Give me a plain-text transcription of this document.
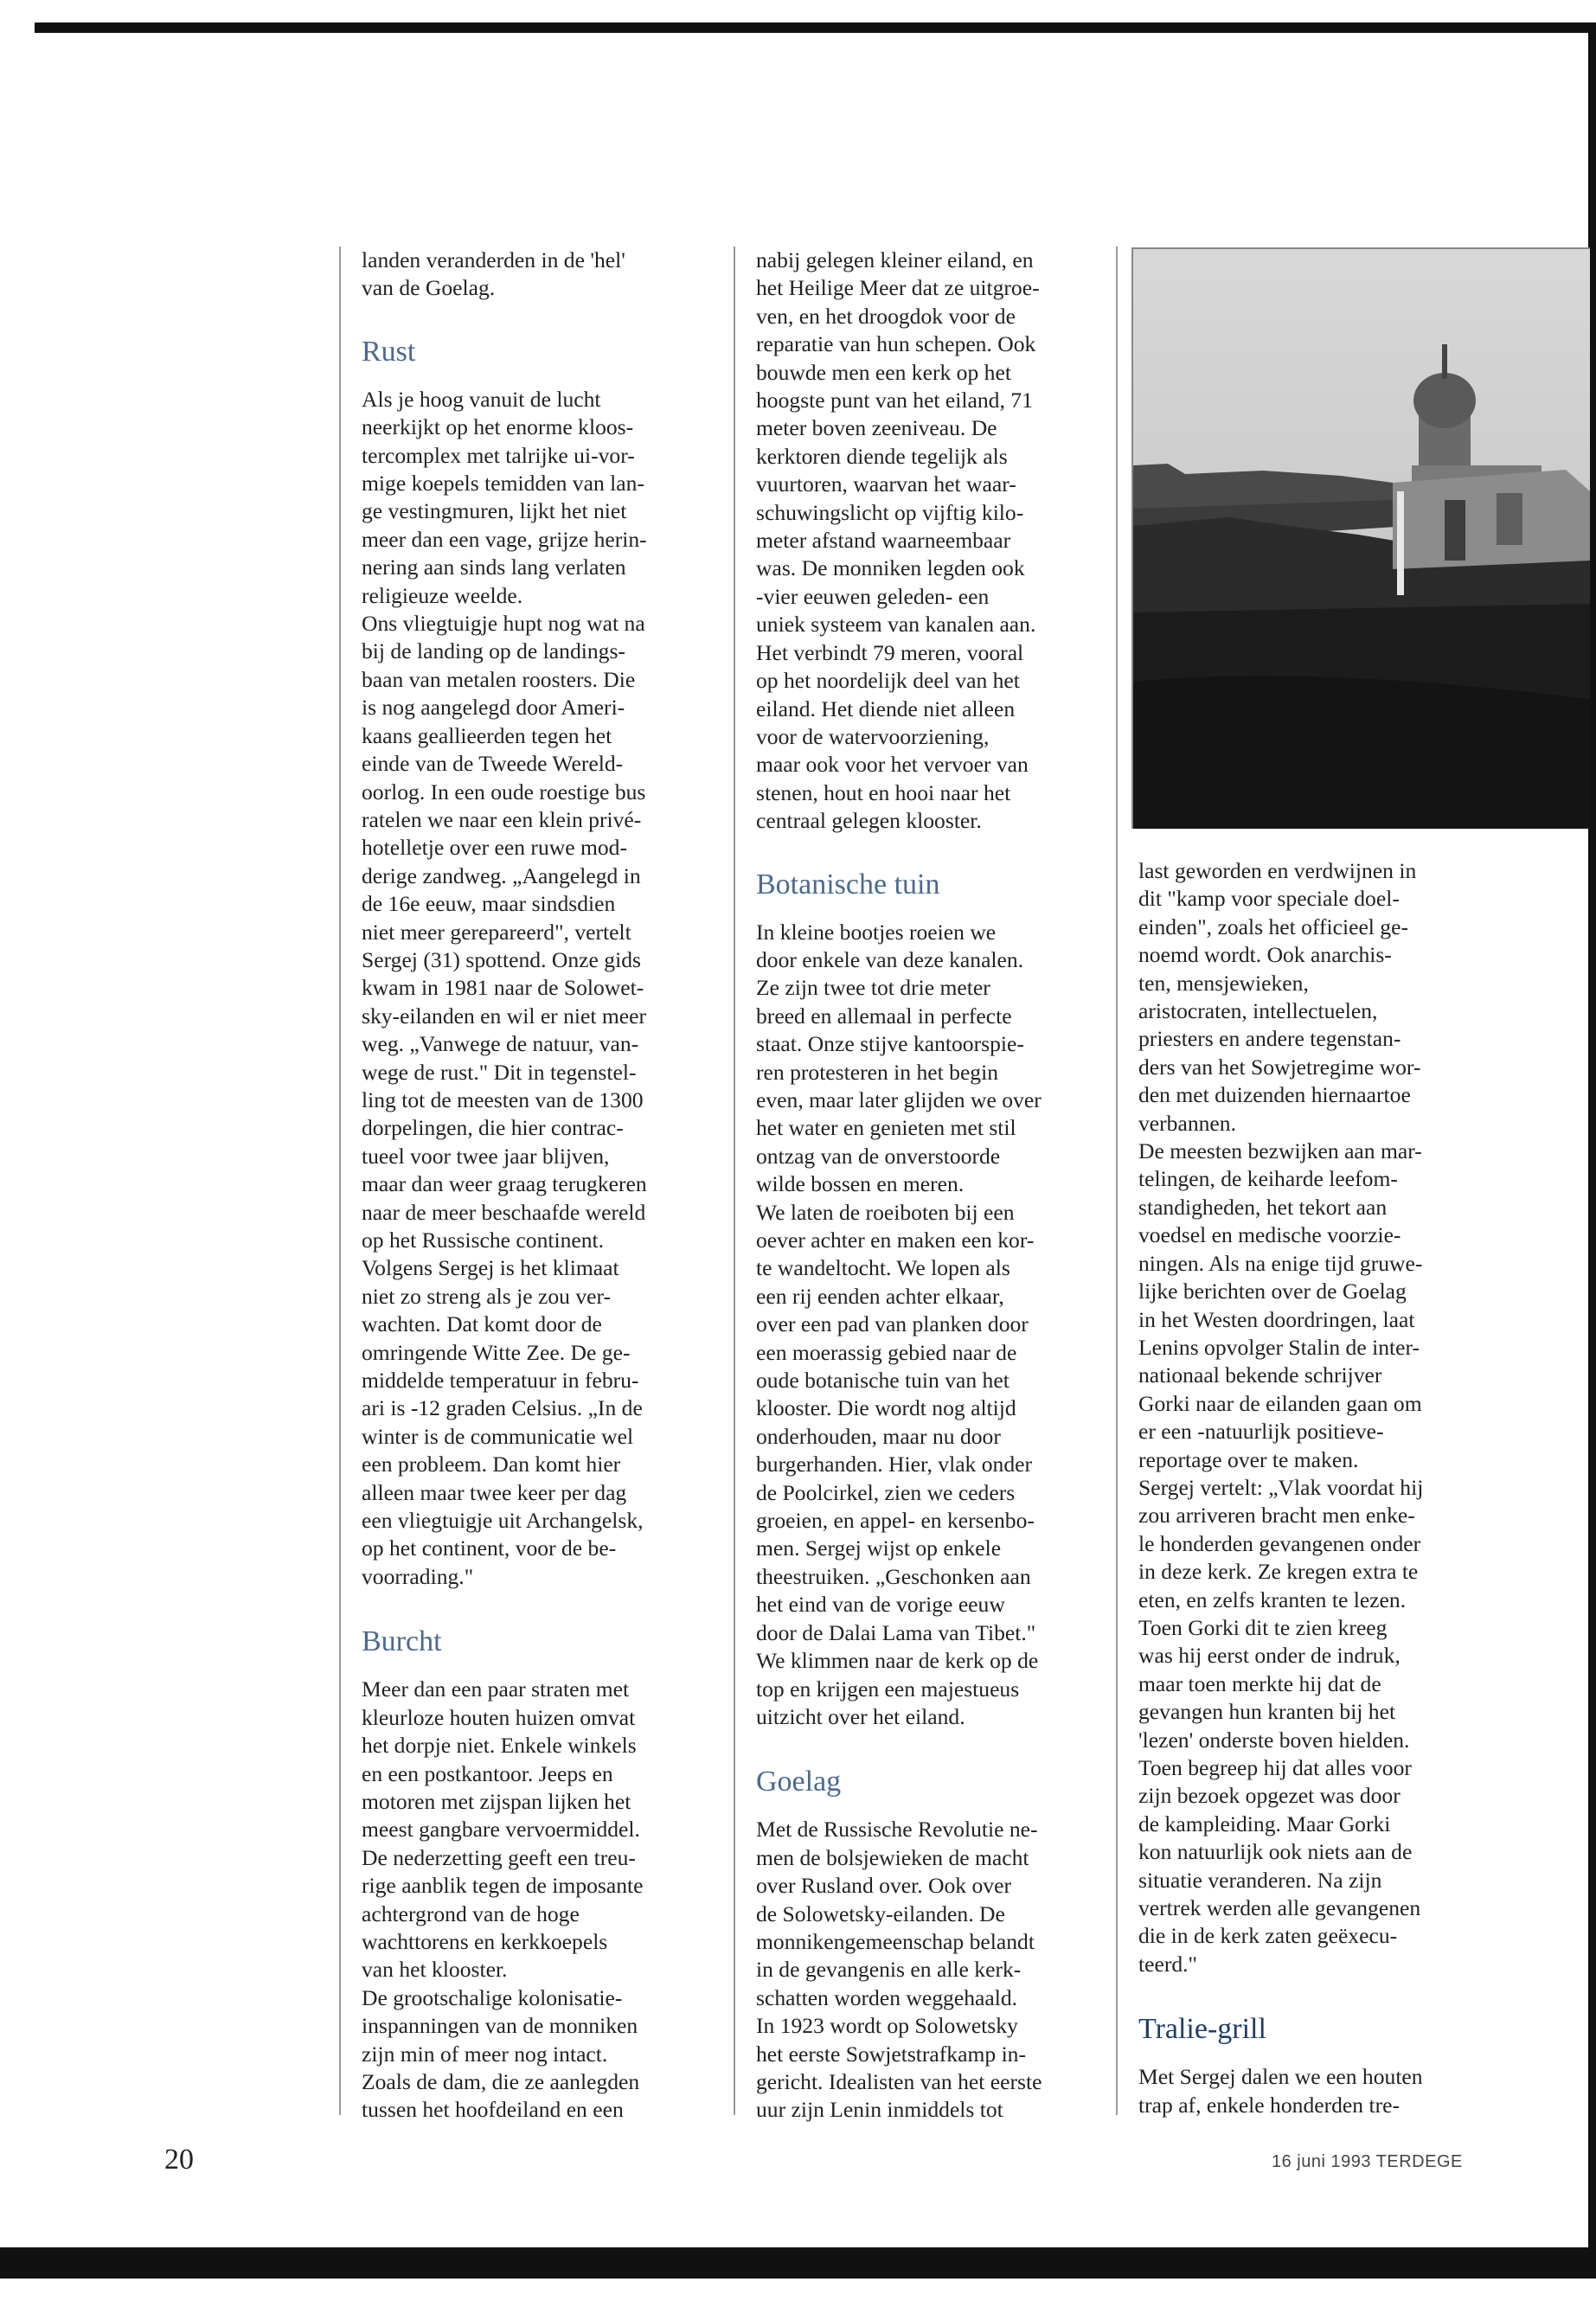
landen veranderden in de 'hel'
van de Goelag.

Rust

Als je hoog vanuit de lucht
neerkijkt op het enorme kloos-
tercomplex met talrijke ui-vor-
mige koepels temidden van lan-
ge vestingmuren, lijkt het niet
meer dan een vage, grijze herin-
nering aan sinds lang verlaten
religieuze weelde.
Ons vliegtuigje hupt nog wat na
bij de landing op de landings-
baan van metalen roosters. Die
is nog aangelegd door Ameri-
kaans geallieerden tegen het
einde van de Tweede Wereld-
oorlog. In een oude roestige bus
ratelen we naar een klein privé-
hotelletje over een ruwe mod-
derige zandweg. „Aangelegd in
de 16e eeuw, maar sindsdien
niet meer gerepareerd", vertelt
Sergej (31) spottend. Onze gids
kwam in 1981 naar de Solowet-
sky-eilanden en wil er niet meer
weg. „Vanwege de natuur, van-
wege de rust." Dit in tegenstel-
ling tot de meesten van de 1300
dorpelingen, die hier contrac-
tueel voor twee jaar blijven,
maar dan weer graag terugkeren
naar de meer beschaafde wereld
op het Russische continent.
Volgens Sergej is het klimaat
niet zo streng als je zou ver-
wachten. Dat komt door de
omringende Witte Zee. De ge-
middelde temperatuur in febru-
ari is -12 graden Celsius. „In de
winter is de communicatie wel
een probleem. Dan komt hier
alleen maar twee keer per dag
een vliegtuigje uit Archangelsk,
op het continent, voor de be-
voorrading."

Burcht

Meer dan een paar straten met
kleurloze houten huizen omvat
het dorpje niet. Enkele winkels
en een postkantoor. Jeeps en
motoren met zijspan lijken het
meest gangbare vervoermiddel.
De nederzetting geeft een treu-
rige aanblik tegen de imposante
achtergrond van de hoge
wachttorens en kerkkoepels
van het klooster.
De grootschalige kolonisatie-
inspanningen van de monniken
zijn min of meer nog intact.
Zoals de dam, die ze aanlegden
tussen het hoofdeiland en een

nabij gelegen kleiner eiland, en
het Heilige Meer dat ze uitgroe-
ven, en het droogdok voor de
reparatie van hun schepen. Ook
bouwde men een kerk op het
hoogste punt van het eiland, 71
meter boven zeeniveau. De
kerktoren diende tegelijk als
vuurtoren, waarvan het waar-
schuwingslicht op vijftig kilo-
meter afstand waarneembaar
was. De monniken legden ook
-vier eeuwen geleden- een
uniek systeem van kanalen aan.
Het verbindt 79 meren, vooral
op het noordelijk deel van het
eiland. Het diende niet alleen
voor de watervoorziening,
maar ook voor het vervoer van
stenen, hout en hooi naar het
centraal gelegen klooster.

Botanische tuin

In kleine bootjes roeien we
door enkele van deze kanalen.
Ze zijn twee tot drie meter
breed en allemaal in perfecte
staat. Onze stijve kantoorspie-
ren protesteren in het begin
even, maar later glijden we over
het water en genieten met stil
ontzag van de onverstoorde
wilde bossen en meren.
We laten de roeiboten bij een
oever achter en maken een kor-
te wandeltocht. We lopen als
een rij eenden achter elkaar,
over een pad van planken door
een moerassig gebied naar de
oude botanische tuin van het
klooster. Die wordt nog altijd
onderhouden, maar nu door
burgerhanden. Hier, vlak onder
de Poolcirkel, zien we ceders
groeien, en appel- en kersenbo-
men. Sergej wijst op enkele
theestruiken. „Geschonken aan
het eind van de vorige eeuw
door de Dalai Lama van Tibet."
We klimmen naar de kerk op de
top en krijgen een majestueus
uitzicht over het eiland.

Goelag

Met de Russische Revolutie ne-
men de bolsjewieken de macht
over Rusland over. Ook over
de Solowetsky-eilanden. De
monnikengemeenschap belandt
in de gevangenis en alle kerk-
schatten worden weggehaald.
In 1923 wordt op Solowetsky
het eerste Sowjetstrafkamp in-
gericht. Idealisten van het eerste
uur zijn Lenin inmiddels tot

last geworden en verdwijnen in
dit "kamp voor speciale doel-
einden", zoals het officieel ge-
noemd wordt. Ook anarchis-
ten, mensjewieken,
aristocraten, intellectuelen,
priesters en andere tegenstan-
ders van het Sowjetregime wor-
den met duizenden hiernaartoe
verbannen.
De meesten bezwijken aan mar-
telingen, de keiharde leefom-
standigheden, het tekort aan
voedsel en medische voorzie-
ningen. Als na enige tijd gruwe-
lijke berichten over de Goelag
in het Westen doordringen, laat
Lenins opvolger Stalin de inter-
nationaal bekende schrijver
Gorki naar de eilanden gaan om
er een -natuurlijk positieve-
reportage over te maken.
Sergej vertelt: „Vlak voordat hij
zou arriveren bracht men enke-
le honderden gevangenen onder
in deze kerk. Ze kregen extra te
eten, en zelfs kranten te lezen.
Toen Gorki dit te zien kreeg
was hij eerst onder de indruk,
maar toen merkte hij dat de
gevangen hun kranten bij het
'lezen' onderste boven hielden.
Toen begreep hij dat alles voor
zijn bezoek opgezet was door
de kampleiding. Maar Gorki
kon natuurlijk ook niets aan de
situatie veranderen. Na zijn
vertrek werden alle gevangenen
die in de kerk zaten geëxecu-
teerd."

Tralie-grill

Met Sergej dalen we een houten
trap af, enkele honderden tre-

20	16 juni 1993 TERDEGE
